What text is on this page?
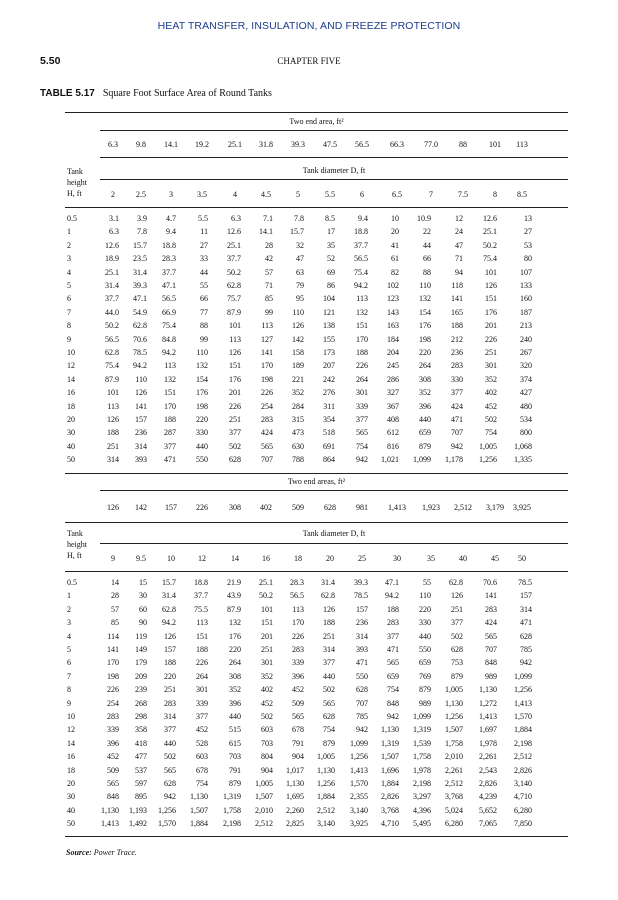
HEAT TRANSFER, INSULATION, AND FREEZE PROTECTION
5.50	CHAPTER FIVE
TABLE 5.17 Square Foot Surface Area of Round Tanks
Two end area, ft²
6.3 9.8 14.1 19.2 25.1 31.8 39.3 47.5 56.5	66.3	77.0	88	101 113
Tank
height
H, ft
Tank diameter D, ft
2	2.5	3	3.5	4	4.5	5	5.5	6	6.5	7	7.5	8	8.5
0.5	3.1 3.9 4.7	5.5	6.3	7.1	7.8	8.5	9.4	10 10.9	12	12.6	13
1	6.3 7.8 9.4	11 12.6 14.1 15.7	17 18.8	20	22	24	25.1	27
2	12.6 15.7 18.8	27 25.1	28	32	35 37.7	41	44	47	50.2	53
3	18.9 23.5 28.3	33 37.7	42	47	52 56.5	61	66	71	75.4	80
4	25.1 31.4 37.7	44 50.2	57	63	69 75.4	82	88	94	101	107
5	31.4 39.3 47.1	55 62.8	71	79	86 94.2 102	110	118	126	133
6	37.7 47.1 56.5	66 75.7	85	95 104	113 123	132	141	151	160
7	44.0 54.9 66.9	77 87.9	99 110 121	132 143	154	165	176	187
8	50.2 62.8 75.4	88	101	113 126 138	151 163	176	188	201	213
9	56.5 70.6 84.8	99	113	127 142 155	170 184	198	212	226	240
10	62.8 78.5 94.2	110	126	141 158 173	188 204	220	236	251	267
12	75.4 94.2 113	132	151	170 189 207	226 245	264	283	301	320
14	87.9 110 132	154	176	198 221 242	264 286	308	330	352	374
16	101 126 151	176	201	226 352 276	301 327	352	377	402	427
18	113 141 170	198	226	254 284 311	339 367	396	424	452	480
20	126 157 188	220	251	283 315 354	377 408	440	471	502	534
30	188 236 287	330	377	424 473 518	565 612	659	707	754	800
40	251 314 377	440	502	565 630 691	754 816	879	942 1,005 1,068
50	314 393 471	550	628	707 788 864	942 1,021 1,099 1,178 1,256 1,335
Two end areas, ft²
126 142 157 226	308 402	509	628	981	1,413 1,923 2,512 3,179 3,925
Tank
height
H, ft
Tank diameter D, ft
9	9.5	10	12	14	16	18	20	25	30	35	40	45 50
0.5	14	15 15.7 18.8 21.9 25.1 28.3 31.4 39.3 47.1	55 62.8	70.6	78.5
1	28	30 31.4 37.7 43.9 50.2 56.5 62.8 78.5 94.2	110	126	141	157
2	57	60 62.8 75.5 87.9	101 113 126	157 188	220	251	283	314
3	85	90 94.2	113	132	151 170 188	236 283	330	377	424	471
4	114 119 126	151	176	201 226 251	314 377	440	502	565	628
5	141 149 157	188	220	251 283 314	393 471	550	628	707	785
6	170 179 188	226	264	301 339 377	471 565	659	753	848	942
7	198 209 220	264	308	352 396 440	550 659	769	879	989 1,099
8	226 239 251	301	352	402 452 502	628 754	879 1,005 1,130 1,256
9	254 268 283	339	396	452 509 565	707 848	989 1,130 1,272 1,413
10	283 298 314	377	440	502 565 628	785 942 1,099 1,256 1,413 1,570
12	339 358 377	452	515	603 678 754	942 1,130 1,319 1,507 1,697 1,884
14	396 418 440	528	615	703 791 879 1,099 1,319 1,539 1,758 1,978 2,198
16	452 477 502	603	703	804 904 1,005 1,256 1,507 1,758 2,010 2,261 2,512
18	509 537 565	678	791	904 1,017 1,130 1,413 1,696 1,978 2,261 2,543 2,826
20	565 597 628	754	879 1,005 1,130 1,256 1,570 1,884 2,198 2,512 2,826 3,140
30	848 895 942 1,130 1,319 1,507 1,695 1,884 2,355 2,826 3,297 3,768 4,239 4,710
40	1,130 1,193 1,256 1,507 1,758 2,010 2,260 2,512 3,140 3,768 4,396 5,024 5,652 6,280
50	1,413 1,492 1,570 1,884 2,198 2,512 2,825 3,140 3,925 4,710 5,495 6,280 7,065 7,850
Source: Power Trace.
